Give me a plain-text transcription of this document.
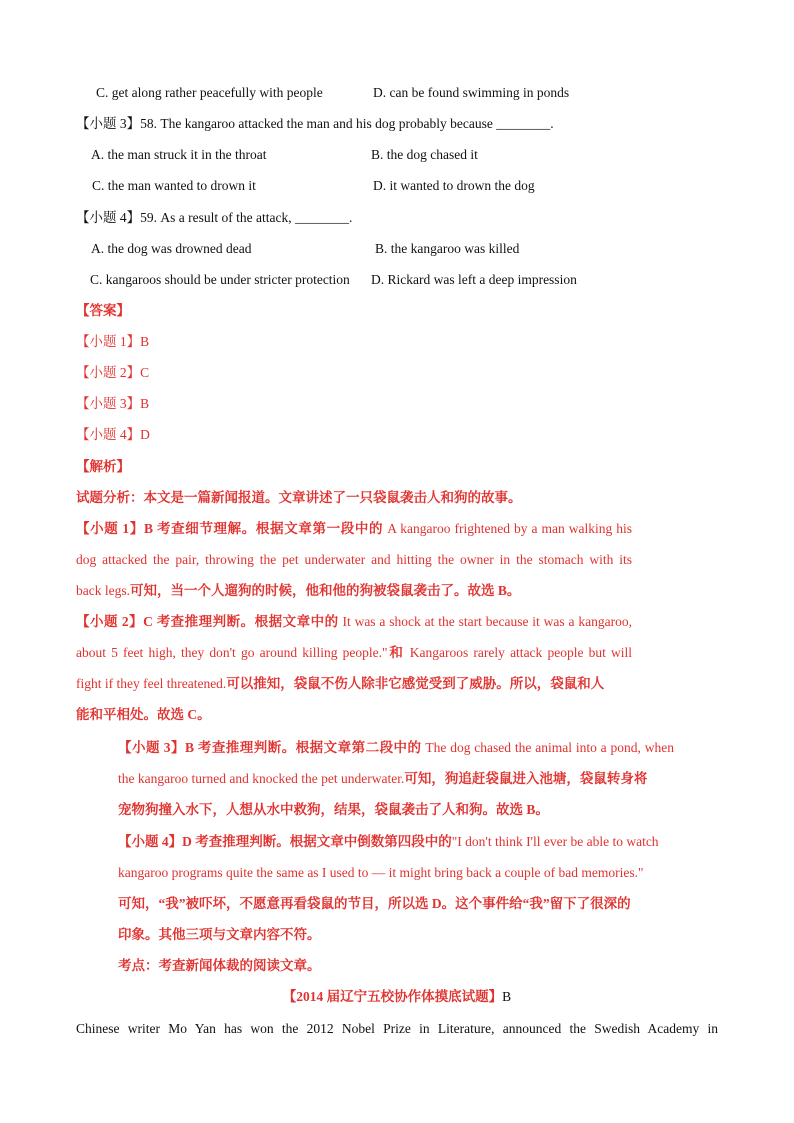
C. get along rather peacefully with people	D. can be found swimming in ponds
【小题 3】58. The kangaroo attacked the man and his dog probably because ________.
A. the man struck it in the throat	B. the dog chased it
C. the man wanted to drown it	D. it wanted to drown the dog
【小题 4】59. As a result of the attack, ________.
A. the dog was drowned dead	B. the kangaroo was killed
C. kangaroos should be under stricter protection D. Rickard was left a deep impression
【答案】
【小题 1】B
【小题 2】C
【小题 3】B
【小题 4】D
【解析】
试题分析：本文是一篇新闻报道。文章讲述了一只袋鼠袭击人和狗的故事。
【小题 1】B 考查细节理解。根据文章第一段中的 A kangaroo frightened by a man walking his
dog attacked the pair, throwing the pet underwater and hitting the owner in the stomach with its
back legs.可知，当一个人遛狗的时候，他和他的狗被袋鼠袭击了。故选 B。
【小题 2】C 考查推理判断。根据文章中的 It was a shock at the start because it was a kangaroo,
about 5 feet high, they don't go around killing people."和 Kangaroos rarely attack people but will
fight if they feel threatened.可以推知，袋鼠不伤人除非它感觉受到了威胁。所以，袋鼠和人
能和平相处。故选 C。
【小题 3】B 考查推理判断。根据文章第二段中的 The dog chased the animal into a pond, when
the kangaroo turned and knocked the pet underwater.可知，狗追赶袋鼠进入池塘，袋鼠转身将
宠物狗撞入水下，人想从水中救狗，结果，袋鼠袭击了人和狗。故选 B。
【小题 4】D 考查推理判断。根据文章中倒数第四段中的"I don't think I'll ever be able to watch
kangaroo programs quite the same as I used to — it might bring back a couple of bad memories."
可知，“我”被吓坏，不愿意再看袋鼠的节目，所以选 D。这个事件给“我”留下了很深的
印象。其他三项与文章内容不符。
考点：考查新闻体裁的阅读文章。
【2014 届辽宁五校协作体摸底试题】B
Chinese writer Mo Yan has won the 2012 Nobel Prize in Literature, announced the Swedish Academy in
